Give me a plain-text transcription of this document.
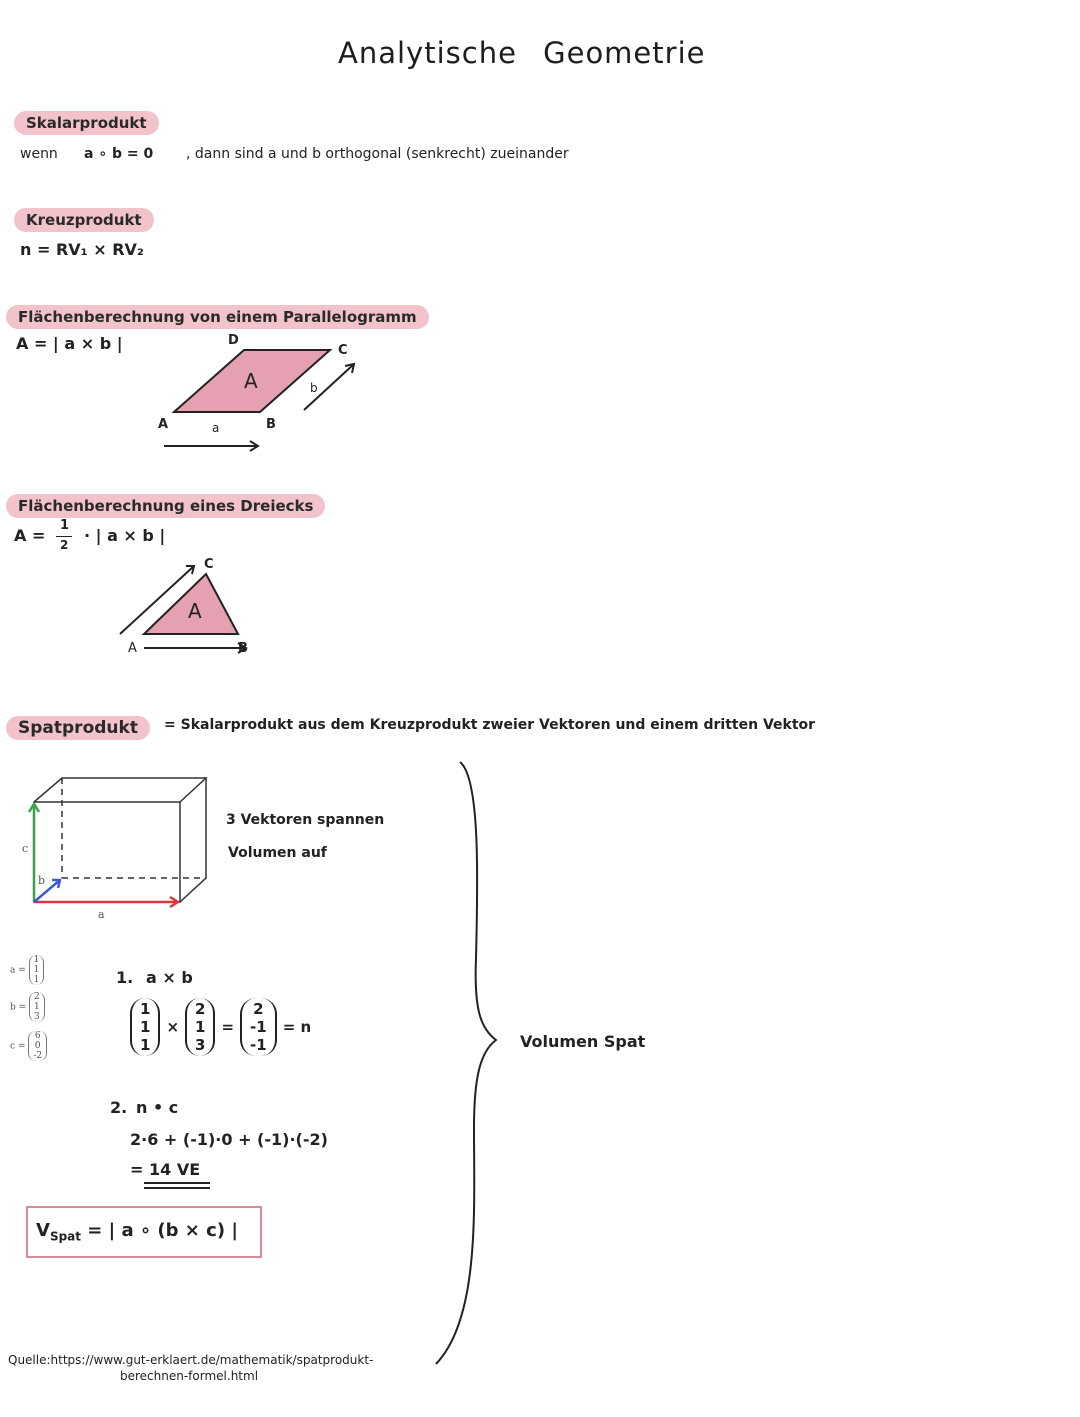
Analytische Geometrie
Skalarprodukt
wenn a ∘ b = 0 , dann sind a und b orthogonal (senkrecht) zueinander
Kreuzprodukt
n = RV₁ × RV₂
Flächenberechnung von einem Parallelogramm
A = | a × b |
A
A	B
C
D
a
b
Flächenberechnung eines Dreiecks
A =
1
2 · | a × b |
A
A	B
C
Spatprodukt	= Skalarprodukt aus dem Kreuzprodukt zweier Vektoren und einem dritten Vektor
a
b
c
3 Vektoren spannen
Volumen auf
a = 1
1
1
b = 2
1
3
c = 6
0
-2
1. a × b
1
1
1
×
2
1
3
=
2
-1
-1
= n
2. n • c
2·6 + (-1)·0 + (-1)·(-2)
= 14 VE
$V_{Spat}$ = | a ∘ (b × c) |
Volumen Spat
Quelle:https://www.gut-erklaert.de/mathematik/spatprodukt-
berechnen-formel.html
